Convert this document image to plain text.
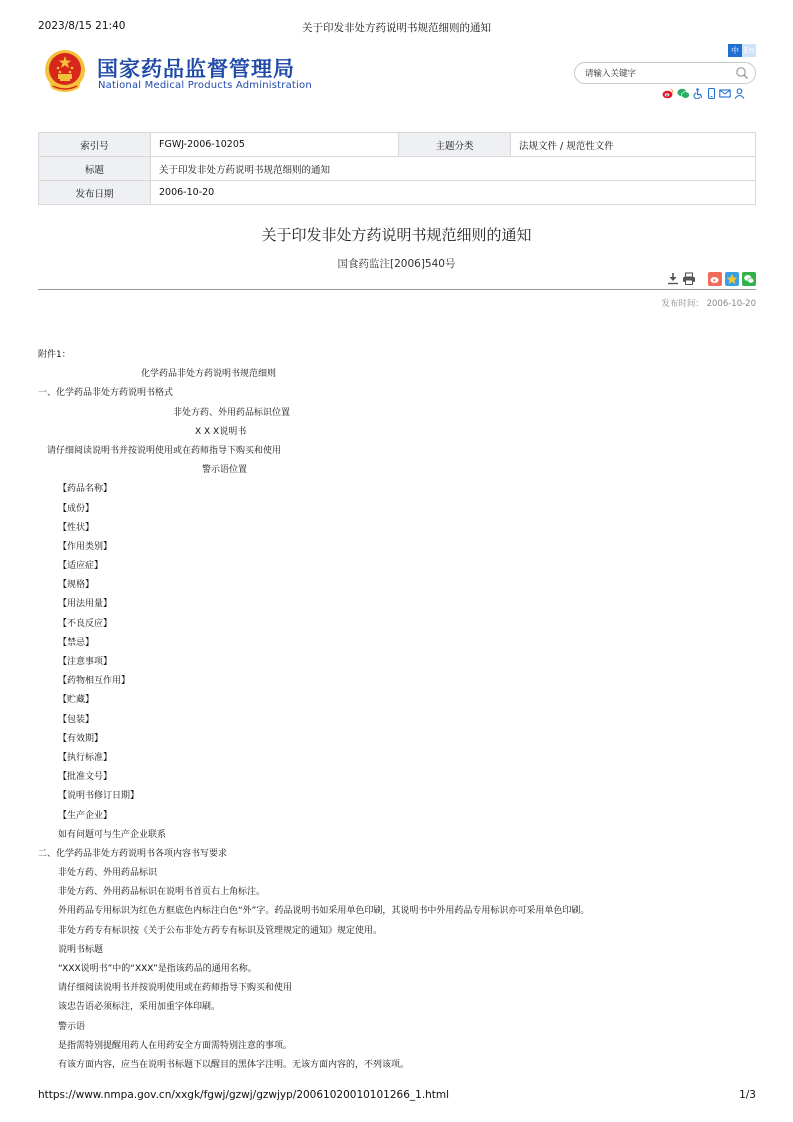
2023/8/15 21:40	关于印发非处方药说明书规范细则的通知
国家药品监督管理局
National Medical Products Administration
中 En
请输入关键字
索引号	FGWJ-2006-10205	主题分类	法规文件 / 规范性文件
标题	关于印发非处方药说明书规范细则的通知		
发布日期	2006-10-20		
关于印发非处方药说明书规范细则的通知
国食药监注[2006]540号
发布时间： 2006-10-20

附件1：

化学药品非处方药说明书规范细则

一、化学药品非处方药说明书格式

非处方药、外用药品标识位置

X X X说明书

请仔细阅读说明书并按说明使用或在药师指导下购买和使用

警示语位置

【药品名称】

【成份】

【性状】

【作用类别】

【适应症】

【规格】

【用法用量】

【不良反应】

【禁忌】

【注意事项】

【药物相互作用】

【贮藏】

【包装】

【有效期】

【执行标准】

【批准文号】

【说明书修订日期】

【生产企业】

如有问题可与生产企业联系

二、化学药品非处方药说明书各项内容书写要求

非处方药、外用药品标识

非处方药、外用药品标识在说明书首页右上角标注。

外用药品专用标识为红色方框底色内标注白色“外”字。药品说明书如采用单色印刷，其说明书中外用药品专用标识亦可采用单色印刷。

非处方药专有标识按《关于公布非处方药专有标识及管理规定的通知》规定使用。

说明书标题

“XXX说明书”中的“XXX”是指该药品的通用名称。

请仔细阅读说明书并按说明使用或在药师指导下购买和使用

该忠告语必须标注，采用加重字体印刷。

警示语

是指需特别提醒用药人在用药安全方面需特别注意的事项。

有该方面内容，应当在说明书标题下以醒目的黑体字注明。无该方面内容的，不列该项。

https://www.nmpa.gov.cn/xxgk/fgwj/gzwj/gzwjyp/20061020010101266_1.html	1/3
